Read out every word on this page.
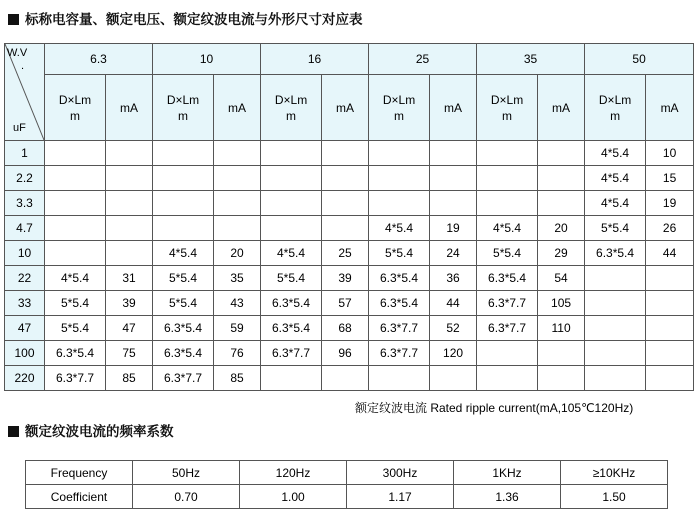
标称电容量、额定电压、额定纹波电流与外形尺寸对应表
W.V
.
uF	6.3		10		16		25		35		50	
	D×Lmm	mA	D×Lmm	mA	D×Lmm	mA	D×Lmm	mA	D×Lmm	mA	D×Lmm	mA
1											4*5.4	10
2.2											4*5.4	15
3.3											4*5.4	19
4.7							4*5.4	19	4*5.4	20	5*5.4	26
10			4*5.4	20	4*5.4	25	5*5.4	24	5*5.4	29	6.3*5.4	44
22	4*5.4	31	5*5.4	35	5*5.4	39	6.3*5.4	36	6.3*5.4	54		
33	5*5.4	39	5*5.4	43	6.3*5.4	57	6.3*5.4	44	6.3*7.7	105		
47	5*5.4	47	6.3*5.4	59	6.3*5.4	68	6.3*7.7	52	6.3*7.7	110		
100	6.3*5.4	75	6.3*5.4	76	6.3*7.7	96	6.3*7.7	120				
220	6.3*7.7	85	6.3*7.7	85								
额定纹波电流 Rated ripple current(mA,105℃120Hz)
额定纹波电流的频率系数
Frequency	50Hz	120Hz	300Hz	1KHz	≥10KHz
Coefficient	0.70	1.00	1.17	1.36	1.50
